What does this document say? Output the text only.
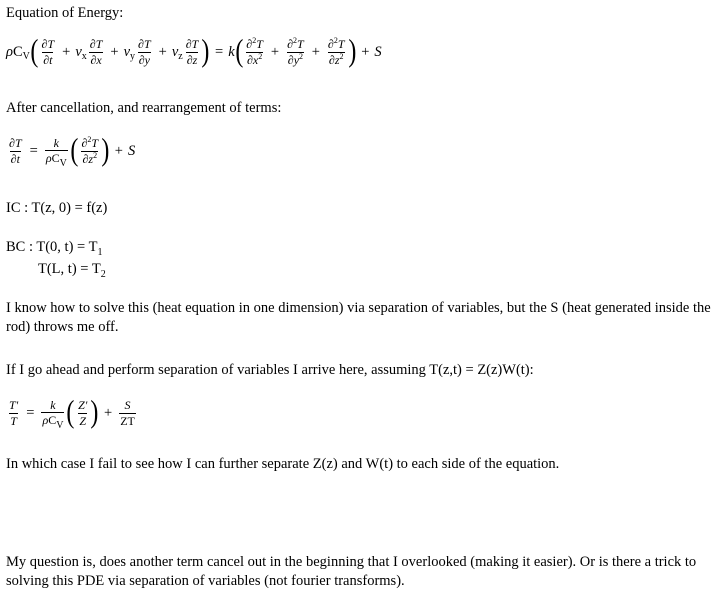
Equation of Energy:
ρ C V ( $\frac{\partial T}{\partial t} + v$ x $\frac{\partial T}{\partial x} + v$ y $\frac{\partial T}{\partial y} + v$ z $\frac{\partial T}{\partial z}$ ) = k ( $\frac{\partial^2T}{\partial x^2} + \frac{\partial^2T}{\partial y^2} + \frac{\partial^2T}{\partial z^2}$ ) + S
After cancellation, and rearrangement of terms:
$\frac{\partial T}{\partial t} = \frac{k}{\rho C_V}$ ( $\frac{\partial^2T}{\partial z^2}$ ) + S
IC : T(z, 0) = f(z)
BC : T(0, $t) = T_1$
T(L, $t) = T_2$
I know how to solve this (heat equation in one dimension) via separation of variables, but the S (heat generated inside the rod) throws me off.
If I go ahead and perform separation of variables I arrive here, assuming T(z,t) = Z(z)W(t):
$\frac{T'}{T} = \frac{k}{\rho C_V}$ ( $\frac{Z'}{Z}$ ) + $\frac{S}{ZT}$
In which case I fail to see how I can further separate Z(z) and W(t) to each side of the equation.
My question is, does another term cancel out in the beginning that I overlooked (making it easier). Or is there a trick to solving this PDE via separation of variables (not fourier transforms).
